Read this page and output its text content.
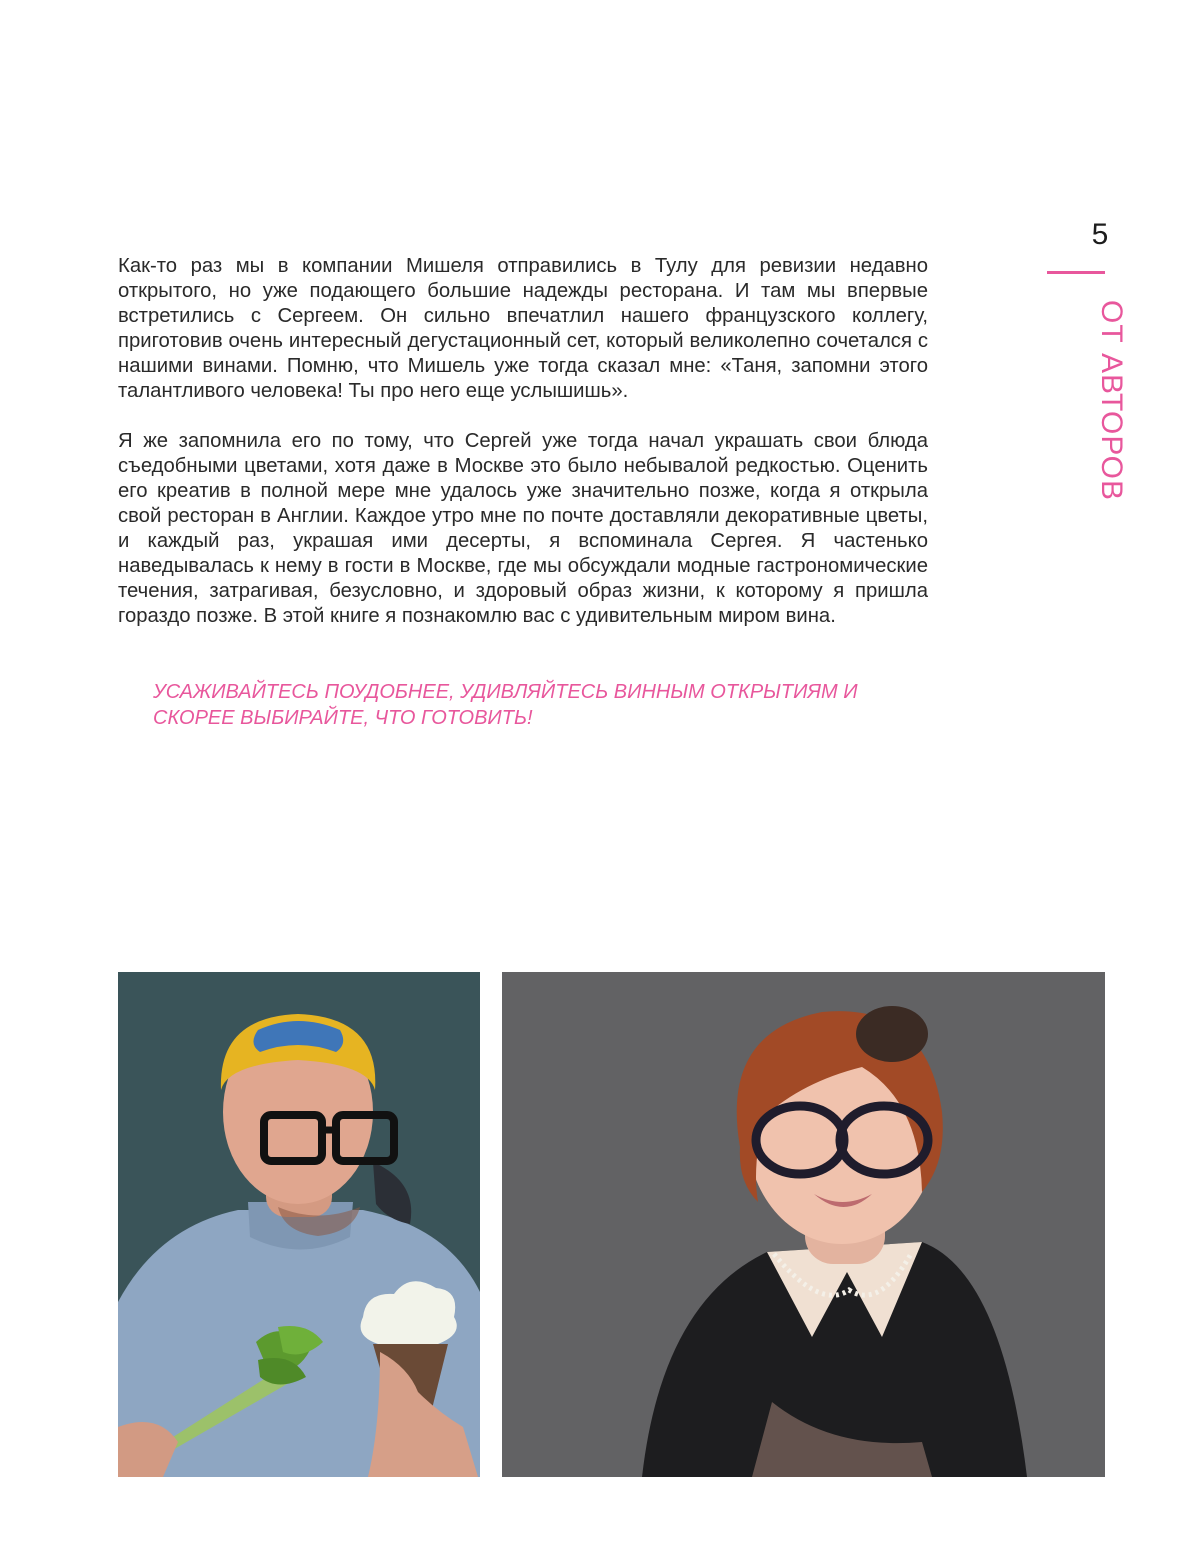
5
ОТ АВТОРОВ

Как-то раз мы в компании Мишеля отправились в Тулу для ревизии недавно открытого, но уже подающего большие надежды ресторана. И там мы впервые встретились с Сергеем. Он сильно впечатлил нашего французского коллегу, приготовив очень интересный дегустационный сет, который великолепно сочетался с нашими винами. Помню, что Мишель уже тогда сказал мне: «Таня, запомни этого талантливого человека! Ты про него еще услышишь».

Я же запомнила его по тому, что Сергей уже тогда начал украшать свои блюда съедобными цветами, хотя даже в Москве это было небывалой редкостью. Оценить его креатив в полной мере мне удалось уже значительно позже, когда я открыла свой ресторан в Англии. Каждое утро мне по почте доставляли декоративные цветы, и каждый раз, украшая ими десерты, я вспоминала Сергея. Я частенько наведывалась к нему в гости в Москве, где мы обсуждали модные гастрономические течения, затрагивая, безусловно, и здоровый образ жизни, к которому я пришла гораздо позже. В этой книге я познакомлю вас с удивительным миром вина.

УСАЖИВАЙТЕСЬ ПОУДОБНЕЕ, УДИВЛЯЙТЕСЬ ВИННЫМ ОТКРЫТИЯМ И СКОРЕЕ ВЫБИРАЙТЕ, ЧТО ГОТОВИТЬ!
